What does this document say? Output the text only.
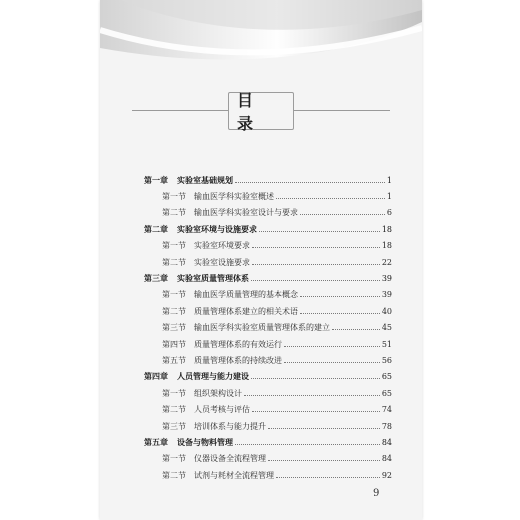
目 录
第一章 实验室基础规划	1
第一节 输血医学科实验室概述	1
第二节 输血医学科实验室设计与要求	6
第二章 实验室环境与设施要求	18
第一节 实验室环境要求	18
第二节 实验室设施要求	22
第三章 实验室质量管理体系	39
第一节 输血医学质量管理的基本概念	39
第二节 质量管理体系建立的相关术语	40
第三节 输血医学科实验室质量管理体系的建立	45
第四节 质量管理体系的有效运行	51
第五节 质量管理体系的持续改进	56
第四章 人员管理与能力建设	65
第一节 组织架构设计	65
第二节 人员考核与评估	74
第三节 培训体系与能力提升	78
第五章 设备与物料管理	84
第一节 仪器设备全流程管理	84
第二节 试剂与耗材全流程管理	92
9
